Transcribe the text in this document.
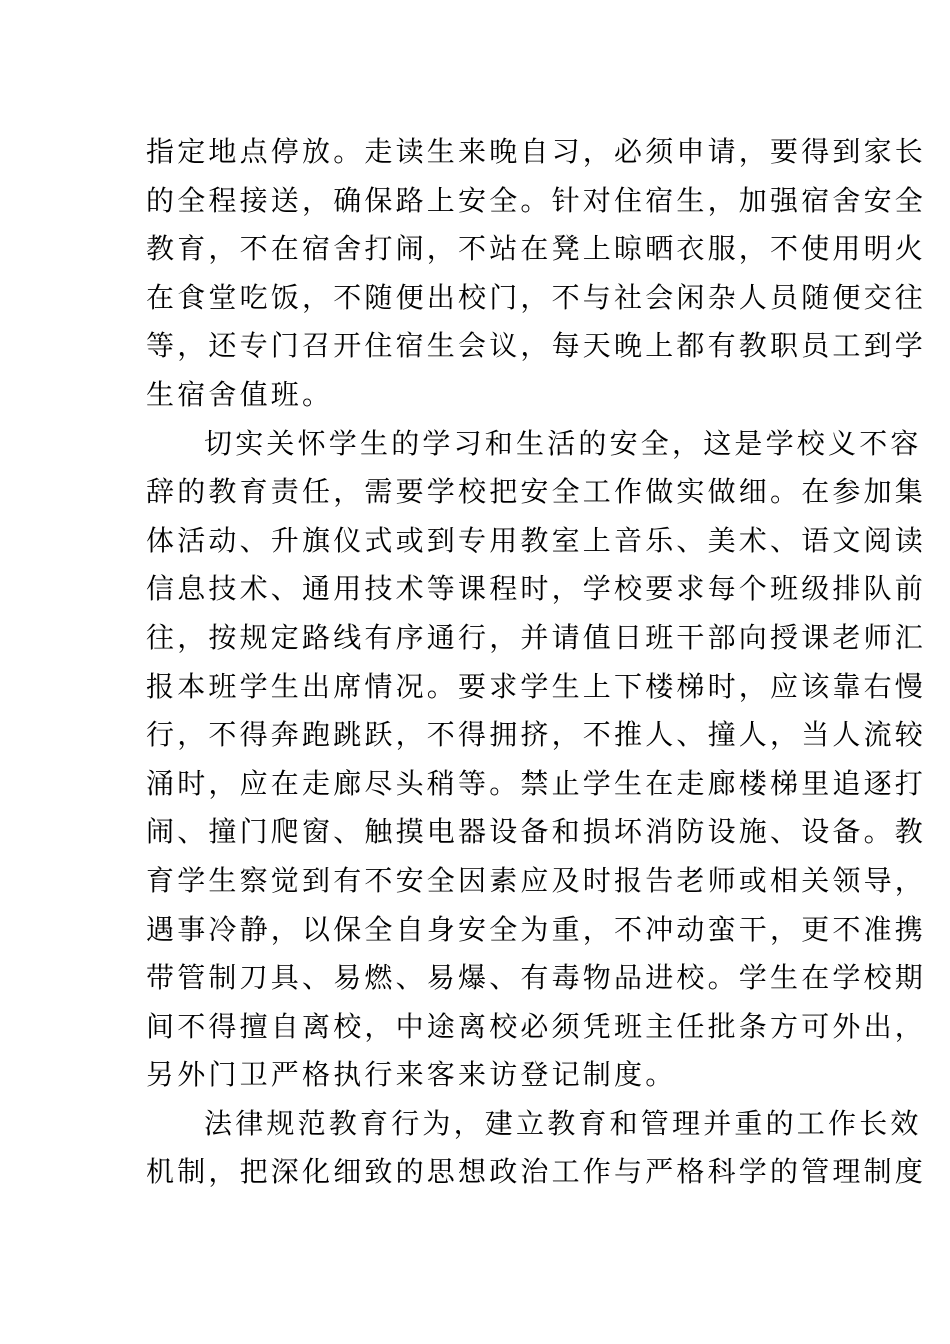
指定地点停放。走读生来晚自习，必须申请，要得到家长
的全程接送，确保路上安全。针对住宿生，加强宿舍安全
教育，不在宿舍打闹，不站在凳上晾晒衣服，不使用明火
在食堂吃饭，不随便出校门，不与社会闲杂人员随便交往
等，还专门召开住宿生会议，每天晚上都有教职员工到学
生宿舍值班。
切实关怀学生的学习和生活的安全，这是学校义不容
辞的教育责任，需要学校把安全工作做实做细。在参加集
体活动、升旗仪式或到专用教室上音乐、美术、语文阅读
信息技术、通用技术等课程时，学校要求每个班级排队前
往，按规定路线有序通行，并请值日班干部向授课老师汇
报本班学生出席情况。要求学生上下楼梯时，应该靠右慢
行，不得奔跑跳跃，不得拥挤，不推人、撞人，当人流较
涌时，应在走廊尽头稍等。禁止学生在走廊楼梯里追逐打
闹、撞门爬窗、触摸电器设备和损坏消防设施、设备。教
育学生察觉到有不安全因素应及时报告老师或相关领导，
遇事冷静，以保全自身安全为重，不冲动蛮干，更不准携
带管制刀具、易燃、易爆、有毒物品进校。学生在学校期
间不得擅自离校，中途离校必须凭班主任批条方可外出，
另外门卫严格执行来客来访登记制度。
法律规范教育行为，建立教育和管理并重的工作长效
机制，把深化细致的思想政治工作与严格科学的管理制度
